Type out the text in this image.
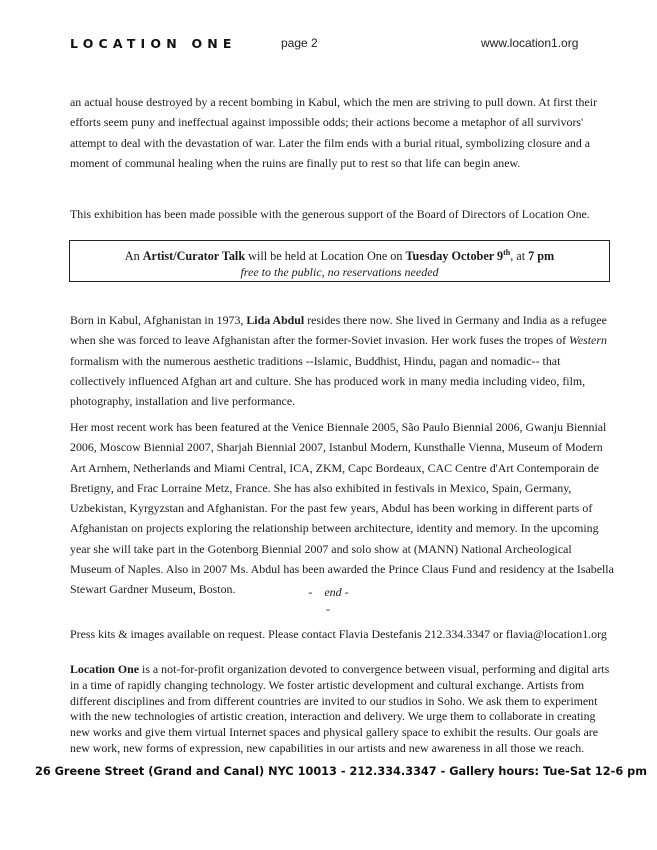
LOCATION ONE	page 2	www.location1.org
an actual house destroyed by a recent bombing in Kabul, which the men are striving to pull down. At first their efforts seem puny and ineffectual against impossible odds; their actions become a metaphor of all survivors' attempt to deal with the devastation of war. Later the film ends with a burial ritual, symbolizing closure and a moment of communal healing when the ruins are finally put to rest so that life can begin anew.
This exhibition has been made possible with the generous support of the Board of Directors of Location One.
An Artist/Curator Talk will be held at Location One on Tuesday October 9th, at 7 pm
free to the public, no reservations needed
Born in Kabul, Afghanistan in 1973, Lida Abdul resides there now. She lived in Germany and India as a refugee when she was forced to leave Afghanistan after the former-Soviet invasion. Her work fuses the tropes of Western formalism with the numerous aesthetic traditions --Islamic, Buddhist, Hindu, pagan and nomadic-- that collectively influenced Afghan art and culture. She has produced work in many media including video, film, photography, installation and live performance.
Her most recent work has been featured at the Venice Biennale 2005, São Paulo Biennial 2006, Gwanju Biennial 2006, Moscow Biennial 2007, Sharjah Biennial 2007, Istanbul Modern, Kunsthalle Vienna, Museum of Modern Art Arnhem, Netherlands and Miami Central, ICA, ZKM, Capc Bordeaux, CAC Centre d'Art Contemporain de Bretigny, and Frac Lorraine Metz, France. She has also exhibited in festivals in Mexico, Spain, Germany, Uzbekistan, Kyrgyzstan and Afghanistan. For the past few years, Abdul has been working in different parts of Afghanistan on projects exploring the relationship between architecture, identity and memory. In the upcoming year she will take part in the Gotenborg Biennial 2007 and solo show at (MANN) National Archeological Museum of Naples. Also in 2007 Ms. Abdul has been awarded the Prince Claus Fund and residency at the Isabella Stewart Gardner Museum, Boston.	-    end -
-
Press kits & images available on request. Please contact Flavia Destefanis 212.334.3347 or flavia@location1.org
Location One is a not-for-profit organization devoted to convergence between visual, performing and digital arts in a time of rapidly changing technology. We foster artistic development and cultural exchange. Artists from different disciplines and from different countries are invited to our studios in Soho. We ask them to experiment with the new technologies of artistic creation, interaction and delivery. We urge them to collaborate in creating new works and give them virtual Internet spaces and physical gallery space to exhibit the results. Our goals are new work, new forms of expression, new capabilities in our artists and new awareness in all those we reach.
26 Greene Street (Grand and Canal) NYC 10013 - 212.334.3347 - Gallery hours: Tue-Sat 12-6 pm
